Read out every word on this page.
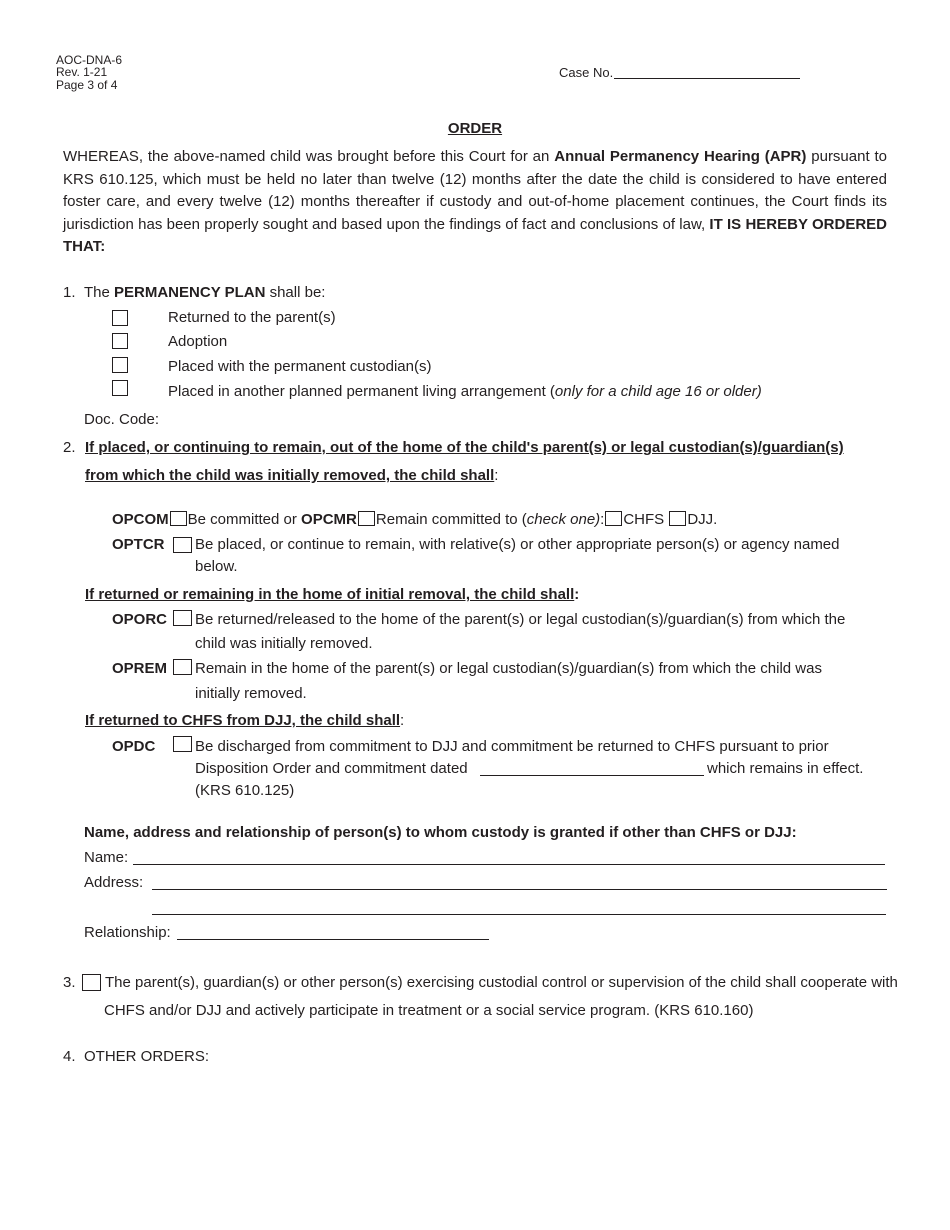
AOC-DNA-6
Rev. 1-21
Page 3 of 4
Case No.
ORDER
WHEREAS, the above-named child was brought before this Court for an Annual Permanency Hearing (APR) pursuant to KRS 610.125, which must be held no later than twelve (12) months after the date the child is considered to have entered foster care, and every twelve (12) months thereafter if custody and out-of-home placement continues, the Court finds its jurisdiction has been properly sought and based upon the findings of fact and conclusions of law, IT IS HEREBY ORDERED THAT:
1. The PERMANENCY PLAN shall be:
Returned to the parent(s)
Adoption
Placed with the permanent custodian(s)
Placed in another planned permanent living arrangement (only for a child age 16 or older)
Doc. Code:
2. If placed, or continuing to remain, out of the home of the child's parent(s) or legal custodian(s)/guardian(s)
from which the child was initially removed, the child shall:
OPCOM Be committed or OPCMR Remain committed to (check one): CHFS DJJ.
OPTCR Be placed, or continue to remain, with relative(s) or other appropriate person(s) or agency named
below.
If returned or remaining in the home of initial removal, the child shall:
OPORC Be returned/released to the home of the parent(s) or legal custodian(s)/guardian(s) from which the
child was initially removed.
OPREM Remain in the home of the parent(s) or legal custodian(s)/guardian(s) from which the child was
initially removed.
If returned to CHFS from DJJ, the child shall:
OPDC	Be discharged from commitment to DJJ and commitment be returned to CHFS pursuant to prior
Disposition Order and commitment dated	which remains in effect.
(KRS 610.125)
Name, address and relationship of person(s) to whom custody is granted if other than CHFS or DJJ:
Name:
Address:
Relationship:
3. The parent(s), guardian(s) or other person(s) exercising custodial control or supervision of the child shall cooperate with
CHFS and/or DJJ and actively participate in treatment or a social service program. (KRS 610.160)
4. OTHER ORDERS:
